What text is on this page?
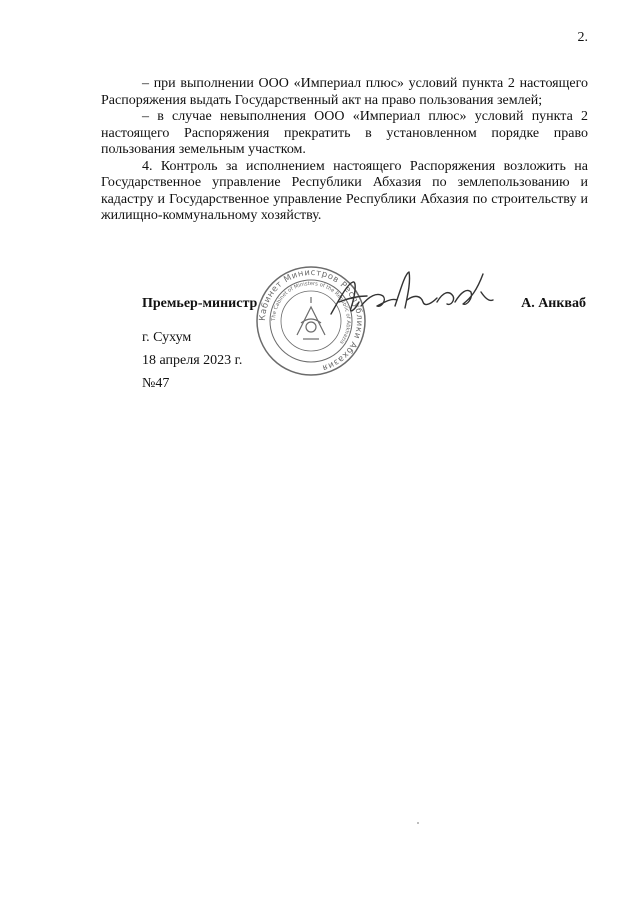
2.

– при выполнении ООО «Империал плюс» условий пункта 2 настоящего Распоряжения выдать Государственный акт на право пользования землей;

– в случае невыполнения ООО «Империал плюс» условий пункта 2 настоящего Распоряжения прекратить в установленном порядке право пользования земельным участком.

4. Контроль за исполнением настоящего Распоряжения возложить на Государственное управление Республики Абхазия по землепользованию и кадастру и Государственное управление Республики Абхазия по строительству и жилищно-коммунальному хозяйству.

Премьер-министр	А. Анкваб
г. Сухум
18 апреля 2023 г.
№47
Кабинет Министров Республики Абхазия
The Cabinet of Ministers of the Republic of Abkhazia
